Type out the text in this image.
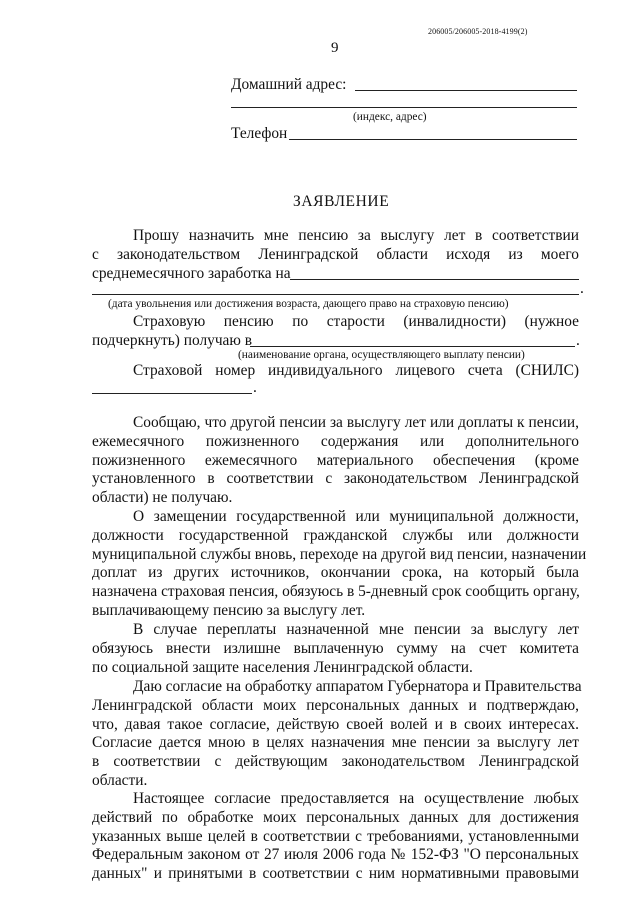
206005/206005-2018-4199(2)
9
Домашний адрес:
(индекс, адрес)
Телефон
ЗАЯВЛЕНИЕ
Прошу назначить мне пенсию за выслугу лет в соответствии
с законодательством Ленинградской области исходя из моего
среднемесячного заработка на
.
(дата увольнения или достижения возраста, дающего право на страховую пенсию)
Страховую пенсию по старости (инвалидности) (нужное
подчеркнуть) получаю в	.
(наименование органа, осуществляющего выплату пенсии)
Страховой номер индивидуального лицевого счета (СНИЛС)
.
Сообщаю, что другой пенсии за выслугу лет или доплаты к пенсии,
ежемесячного пожизненного содержания или дополнительного
пожизненного ежемесячного материального обеспечения (кроме
установленного в соответствии с законодательством Ленинградской
области) не получаю.
О замещении государственной или муниципальной должности,
должности государственной гражданской службы или должности
муниципальной службы вновь, переходе на другой вид пенсии, назначении
доплат из других источников, окончании срока, на который была
назначена страховая пенсия, обязуюсь в 5-дневный срок сообщить органу,
выплачивающему пенсию за выслугу лет.
В случае переплаты назначенной мне пенсии за выслугу лет
обязуюсь внести излишне выплаченную сумму на счет комитета
по социальной защите населения Ленинградской области.
Даю согласие на обработку аппаратом Губернатора и Правительства
Ленинградской области моих персональных данных и подтверждаю,
что, давая такое согласие, действую своей волей и в своих интересах.
Согласие дается мною в целях назначения мне пенсии за выслугу лет
в соответствии с действующим законодательством Ленинградской
области.
Настоящее согласие предоставляется на осуществление любых
действий по обработке моих персональных данных для достижения
указанных выше целей в соответствии с требованиями, установленными
Федеральным законом от 27 июля 2006 года № 152-ФЗ "О персональных
данных" и принятыми в соответствии с ним нормативными правовыми
